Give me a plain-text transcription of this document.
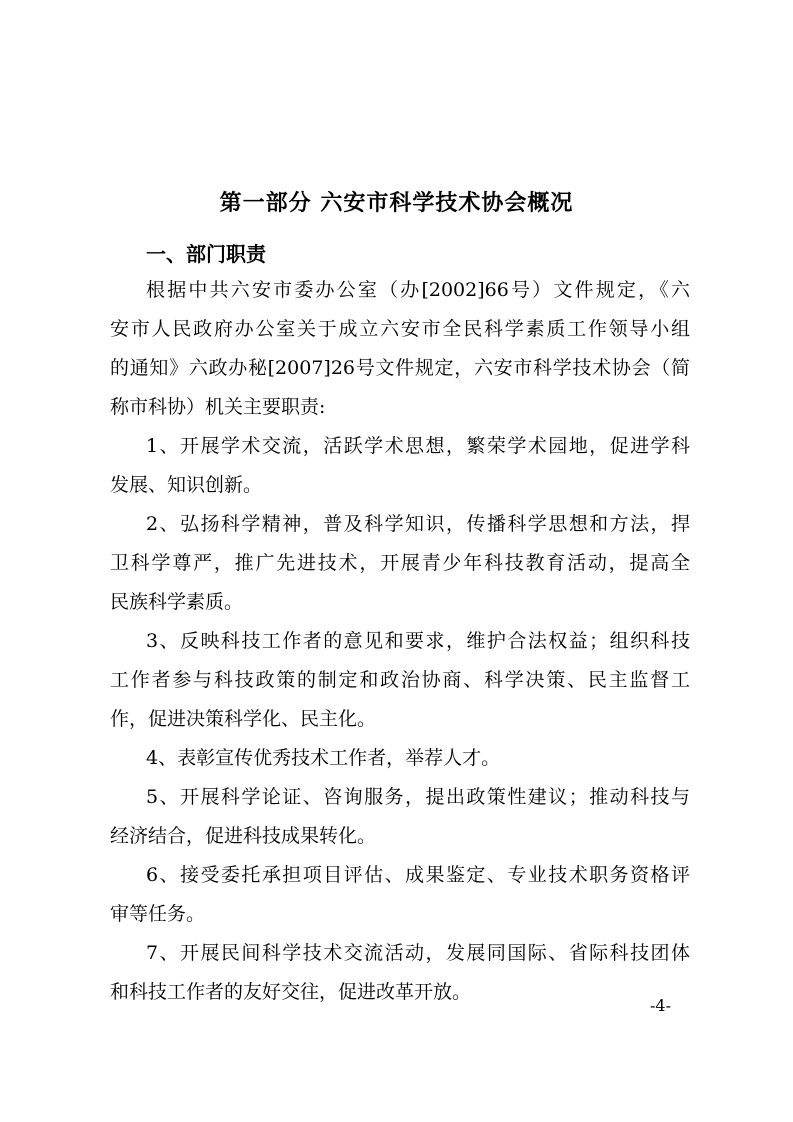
第一部分 六安市科学技术协会概况
一、部门职责
根据中共六安市委办公室（办[2002]66号）文件规定，《六
安市人民政府办公室关于成立六安市全民科学素质工作领导小组
的通知》六政办秘[2007]26号文件规定，六安市科学技术协会（简
称市科协）机关主要职责:
1、开展学术交流，活跃学术思想，繁荣学术园地，促进学科
发展、知识创新。
2、弘扬科学精神，普及科学知识，传播科学思想和方法，捍
卫科学尊严，推广先进技术，开展青少年科技教育活动，提高全
民族科学素质。
3、反映科技工作者的意见和要求，维护合法权益；组织科技
工作者参与科技政策的制定和政治协商、科学决策、民主监督工
作，促进决策科学化、民主化。
4、表彰宣传优秀技术工作者，举荐人才。
5、开展科学论证、咨询服务，提出政策性建议；推动科技与
经济结合，促进科技成果转化。
6、接受委托承担项目评估、成果鉴定、专业技术职务资格评
审等任务。
7、开展民间科学技术交流活动，发展同国际、省际科技团体
和科技工作者的友好交往，促进改革开放。
-4-
